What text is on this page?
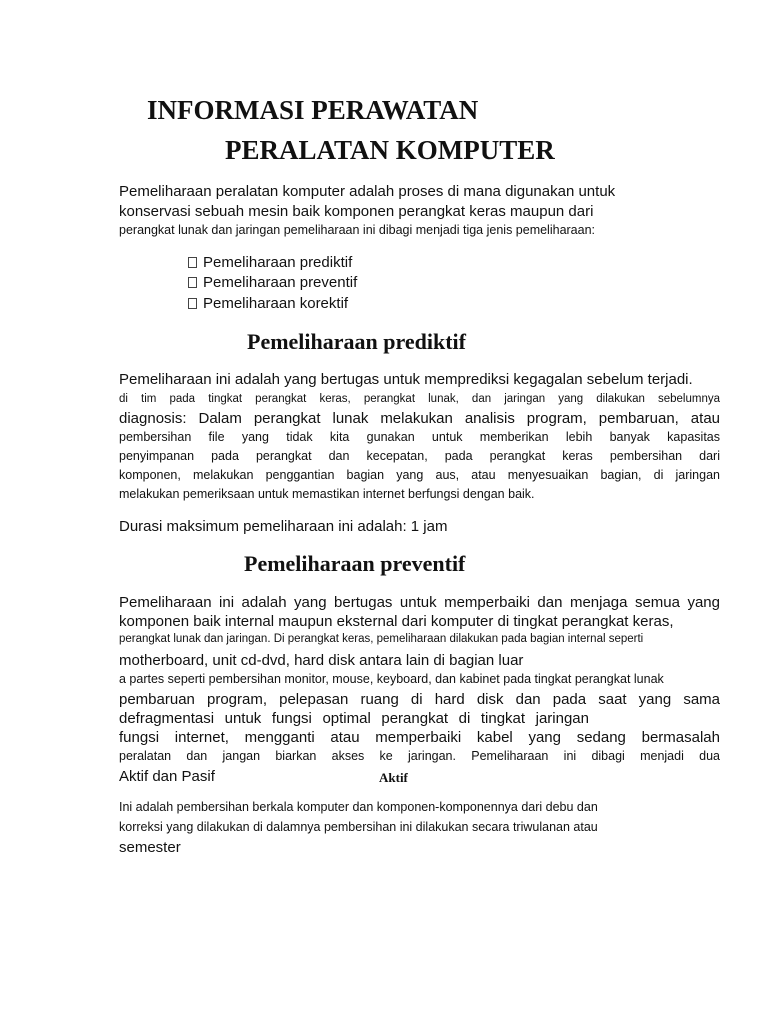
INFORMASI PERAWATAN
PERALATAN KOMPUTER

Pemeliharaan peralatan komputer adalah proses di mana digunakan untuk

konservasi sebuah mesin baik komponen perangkat keras maupun dari

perangkat lunak dan jaringan pemeliharaan ini dibagi menjadi tiga jenis pemeliharaan:

Pemeliharaan prediktif

Pemeliharaan preventif

Pemeliharaan korektif

Pemeliharaan prediktif

Pemeliharaan ini adalah yang bertugas untuk memprediksi kegagalan sebelum terjadi.

di tim pada tingkat perangkat keras, perangkat lunak, dan jaringan yang dilakukan sebelumnya

diagnosis: Dalam perangkat lunak melakukan analisis program, pembaruan, atau

pembersihan file yang tidak kita gunakan untuk memberikan lebih banyak kapasitas

penyimpanan pada perangkat dan kecepatan, pada perangkat keras pembersihan dari

komponen, melakukan penggantian bagian yang aus, atau menyesuaikan bagian, di jaringan

melakukan pemeriksaan untuk memastikan internet berfungsi dengan baik.

Durasi maksimum pemeliharaan ini adalah: 1 jam

Pemeliharaan preventif

Pemeliharaan ini adalah yang bertugas untuk memperbaiki dan menjaga semua yang

komponen baik internal maupun eksternal dari komputer di tingkat perangkat keras,

perangkat lunak dan jaringan. Di perangkat keras, pemeliharaan dilakukan pada bagian internal seperti

motherboard, unit cd-dvd, hard disk antara lain di bagian luar

a partes seperti pembersihan monitor, mouse, keyboard, dan kabinet pada tingkat perangkat lunak

pembaruan program, pelepasan ruang di hard disk dan pada saat yang sama

defragmentasi untuk fungsi optimal perangkat di tingkat jaringan

fungsi internet, mengganti atau memperbaiki kabel yang sedang bermasalah

peralatan dan jangan biarkan akses ke jaringan. Pemeliharaan ini dibagi menjadi dua

Aktif dan Pasif	Aktif

Ini adalah pembersihan berkala komputer dan komponen-komponennya dari debu dan

korreksi yang dilakukan di dalamnya pembersihan ini dilakukan secara triwulanan atau

semester
